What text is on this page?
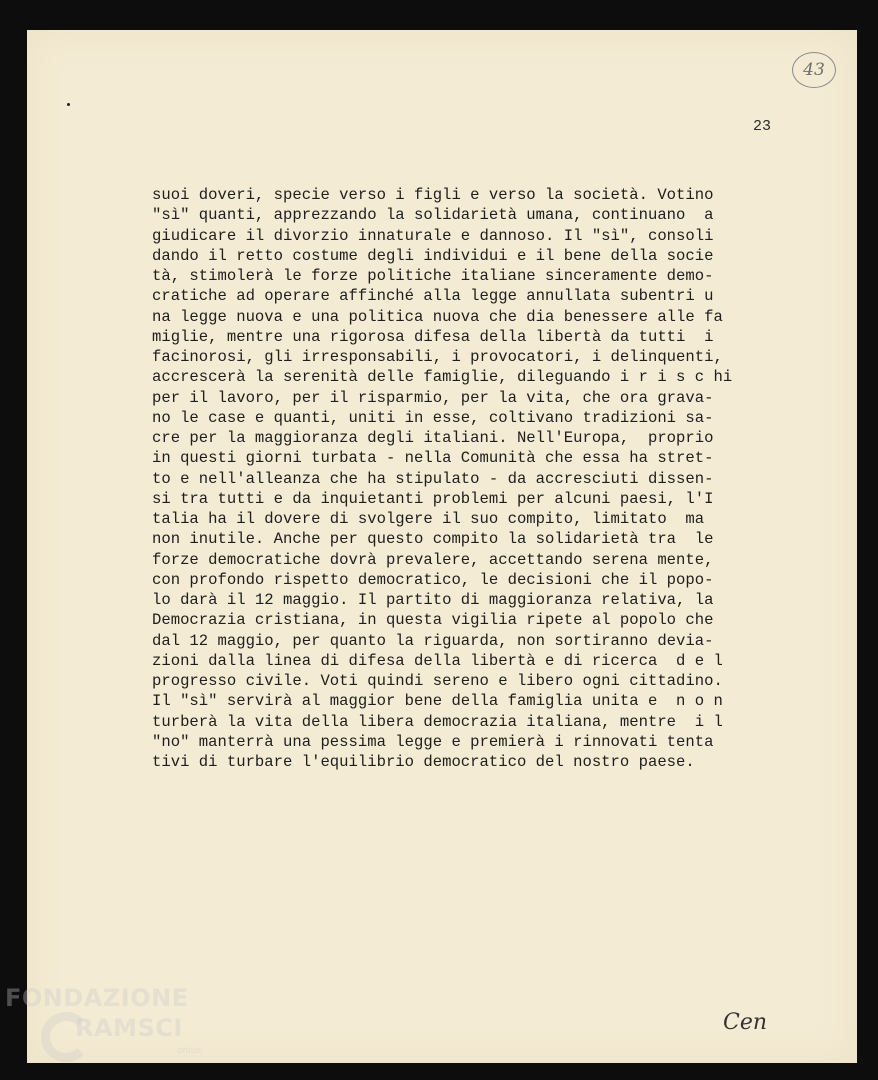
43
23
suoi doveri, specie verso i figli e verso la società. Votino
"sì" quanti, apprezzando la solidarietà umana, continuano  a
giudicare il divorzio innaturale e dannoso. Il "sì", consoli
dando il retto costume degli individui e il bene della socie
tà, stimolerà le forze politiche italiane sinceramente demo-
cratiche ad operare affinché alla legge annullata subentri u
na legge nuova e una politica nuova che dia benessere alle fa
miglie, mentre una rigorosa difesa della libertà da tutti  i
facinorosi, gli irresponsabili, i provocatori, i delinquenti,
accrescerà la serenità delle famiglie, dileguando i r i s c hi
per il lavoro, per il risparmio, per la vita, che ora grava-
no le case e quanti, uniti in esse, coltivano tradizioni sa-
cre per la maggioranza degli italiani. Nell'Europa,  proprio
in questi giorni turbata - nella Comunità che essa ha stret-
to e nell'alleanza che ha stipulato - da accresciuti dissen-
si tra tutti e da inquietanti problemi per alcuni paesi, l'I
talia ha il dovere di svolgere il suo compito, limitato  ma
non inutile. Anche per questo compito la solidarietà tra  le
forze democratiche dovrà prevalere, accettando serena mente,
con profondo rispetto democratico, le decisioni che il popo-
lo darà il 12 maggio. Il partito di maggioranza relativa, la
Democrazia cristiana, in questa vigilia ripete al popolo che
dal 12 maggio, per quanto la riguarda, non sortiranno devia-
zioni dalla linea di difesa della libertà e di ricerca  d e l
progresso civile. Voti quindi sereno e libero ogni cittadino.
Il "sì" servirà al maggior bene della famiglia unita e  n o n
turberà la vita della libera democrazia italiana, mentre  i l
"no" manterrà una pessima legge e premierà i rinnovati tenta
tivi di turbare l'equilibrio democratico del nostro paese.
Cen
FONDAZIONE
RAMSCI
onlus
